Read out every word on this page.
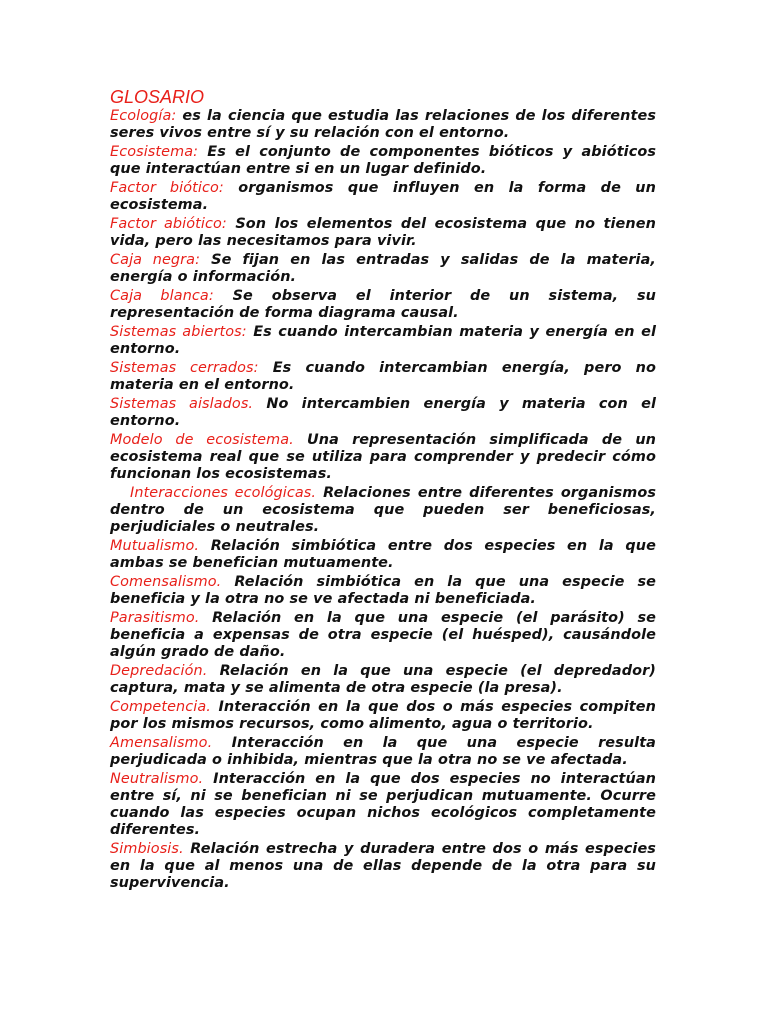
GLOSARIO

Ecología: es la ciencia que estudia las relaciones de los diferentes seres vivos entre sí y su relación con el entorno.

Ecosistema: Es el conjunto de componentes bióticos y abióticos que interactúan entre si en un lugar definido.

Factor biótico: organismos que influyen en la forma de un ecosistema.

Factor abiótico: Son los elementos del ecosistema que no tienen vida, pero las necesitamos para vivir.

Caja negra: Se fijan en las entradas y salidas de la materia, energía o información.

Caja blanca: Se observa el interior de un sistema, su representación de forma diagrama causal.

Sistemas abiertos: Es cuando intercambian materia y energía en el entorno.

Sistemas cerrados: Es cuando intercambian energía, pero no materia en el entorno.

Sistemas aislados. No intercambien energía y materia con el entorno.

Modelo de ecosistema. Una representación simplificada de un ecosistema real que se utiliza para comprender y predecir cómo funcionan los ecosistemas.

Interacciones ecológicas. Relaciones entre diferentes organismos dentro de un ecosistema que pueden ser beneficiosas, perjudiciales o neutrales.

Mutualismo. Relación simbiótica entre dos especies en la que ambas se benefician mutuamente.

Comensalismo. Relación simbiótica en la que una especie se beneficia y la otra no se ve afectada ni beneficiada.

Parasitismo. Relación en la que una especie (el parásito) se beneficia a expensas de otra especie (el huésped), causándole algún grado de daño.

Depredación. Relación en la que una especie (el depredador) captura, mata y se alimenta de otra especie (la presa).

Competencia. Interacción en la que dos o más especies compiten por los mismos recursos, como alimento, agua o territorio.

Amensalismo. Interacción en la que una especie resulta perjudicada o inhibida, mientras que la otra no se ve afectada.

Neutralismo. Interacción en la que dos especies no interactúan entre sí, ni se benefician ni se perjudican mutuamente. Ocurre cuando las especies ocupan nichos ecológicos completamente diferentes.

Simbiosis. Relación estrecha y duradera entre dos o más especies en la que al menos una de ellas depende de la otra para su supervivencia.
